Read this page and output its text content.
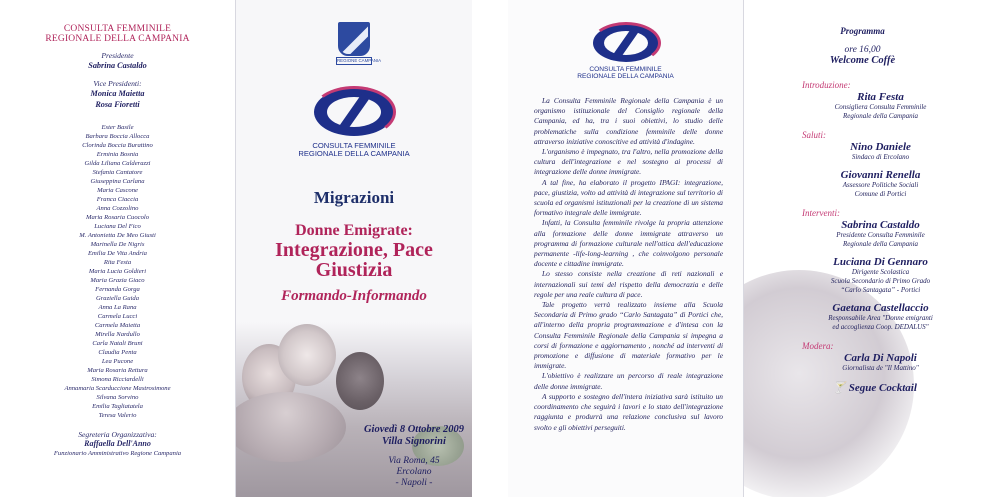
CONSULTA FEMMINILE
REGIONALE DELLA CAMPANIA
Presidente
Sabrina Castaldo
Vice Presidenti:
Monica Maietta
Rosa Fioretti
Ester Basile
Barbara Boccia Allocca
Clorinda Boccia Burattino
Erminia Bosnia
Gilda Liliana Calderazzi
Stefania Cantatore
Giuseppina Carlana
Maria Cascone
Franca Ciaccia
Anna Cozzolino
Maria Rosaria Cuocolo
Luciana Del Fico
M. Antonietta De Meo Giusti
Marinella De Nigris
Emilia De Vita Andria
Rita Festa
Maria Lucia Goldieri
Maria Grazia Giaco
Fernanda Gorga
Graziella Guida
Anna La Rana
Carmela Lucci
Carmela Maietta
Mirella Nardullo
Carla Natali Bruni
Claudia Penta
Lea Pucone
Maria Rosaria Rettura
Simona Ricciardelli
Annamaria Scarduccione Mastrosimone
Silvana Sorvino
Emilia Tagliatatela
Teresa Valerio
Segreteria Organizzativa:
Raffaella Dell'Anno
Funzionario Amministrativo Regione Campania
REGIONE CAMPANIA
CONSULTA FEMMINILE
REGIONALE DELLA CAMPANIA
Migrazioni
Donne Emigrate:
Integrazione, Pace
Giustizia
Formando-Informando
Giovedì 8 Ottobre 2009
Villa Signorini
Via Roma, 45
Ercolano
- Napoli -
CONSULTA FEMMINILE
REGIONALE DELLA CAMPANIA

La Consulta Femminile Regionale della Campania è un organismo istituzionale del Consiglio regionale della Campania, ed ha, tra i suoi obiettivi, lo studio delle problematiche sulla condizione femminile delle donne attraverso iniziative conoscitive ed attività d'indagine.

L'organismo è impegnato, tra l'altro, nella promozione della cultura dell'integrazione e nel sostegno ai processi di integrazione delle donne immigrate.

A tal fine, ha elaborato il progetto IPAGI: integrazione, pace, giustizia, volto ad attività di integrazione sul territorio di scuola ed organismi istituzionali per la creazione di un sistema formativo integrale delle immigrate.

Infatti, la Consulta femminile rivolge la propria attenzione alla formazione delle donne immigrate attraverso un programma di formazione culturale nell'ottica dell'educazione permanente -life-long-learning , che coinvolgono personale docente e cittadine immigrate.

Lo stesso consiste nella creazione di reti nazionali e internazionali sui temi del rispetto della democrazia e delle regole per una reale cultura di pace.

Tale progetto verrà realizzato insieme alla Scuola Secondaria di Primo grado “Carlo Santagata” di Portici che, all'interno della propria programmazione e d'intesa con la Consulta Femminile Regionale della Campania si impegna a corsi di formazione e aggiornamento , nonché ad interventi di promozione e diffusione di materiale formativo per le immigrate.

L'obiettivo è realizzare un percorso di reale integrazione delle donne immigrate.

A supporto e sostegno dell'intera iniziativa sarà istituito un coordinamento che seguirà i lavori e lo stato dell'integrazione raggiunta e produrrà una relazione conclusiva sul lavoro svolto e gli obiettivi perseguiti.

Programma
ore 16,00
Welcome Coffè
Introduzione:
Rita Festa
Consigliera Consulta Femminile
Regionale della Campania
Saluti:
Nino Daniele
Sindaco di Ercolano
Giovanni Renella
Assessore Politiche Sociali
Comune di Portici
Interventi:
Sabrina Castaldo
Presidente Consulta Femminile
Regionale della Campania
Luciana Di Gennaro
Dirigente Scolastica
Scuola Secondario di Primo Grado
“Carlo Santagata” - Portici
Gaetana Castellaccio
Responsabile Area "Donne emigranti
ed accoglienza Coop. DEDALUS"
Modera:
Carla Di Napoli
Giornalista de "Il Mattino"
🍸 Segue Cocktail
